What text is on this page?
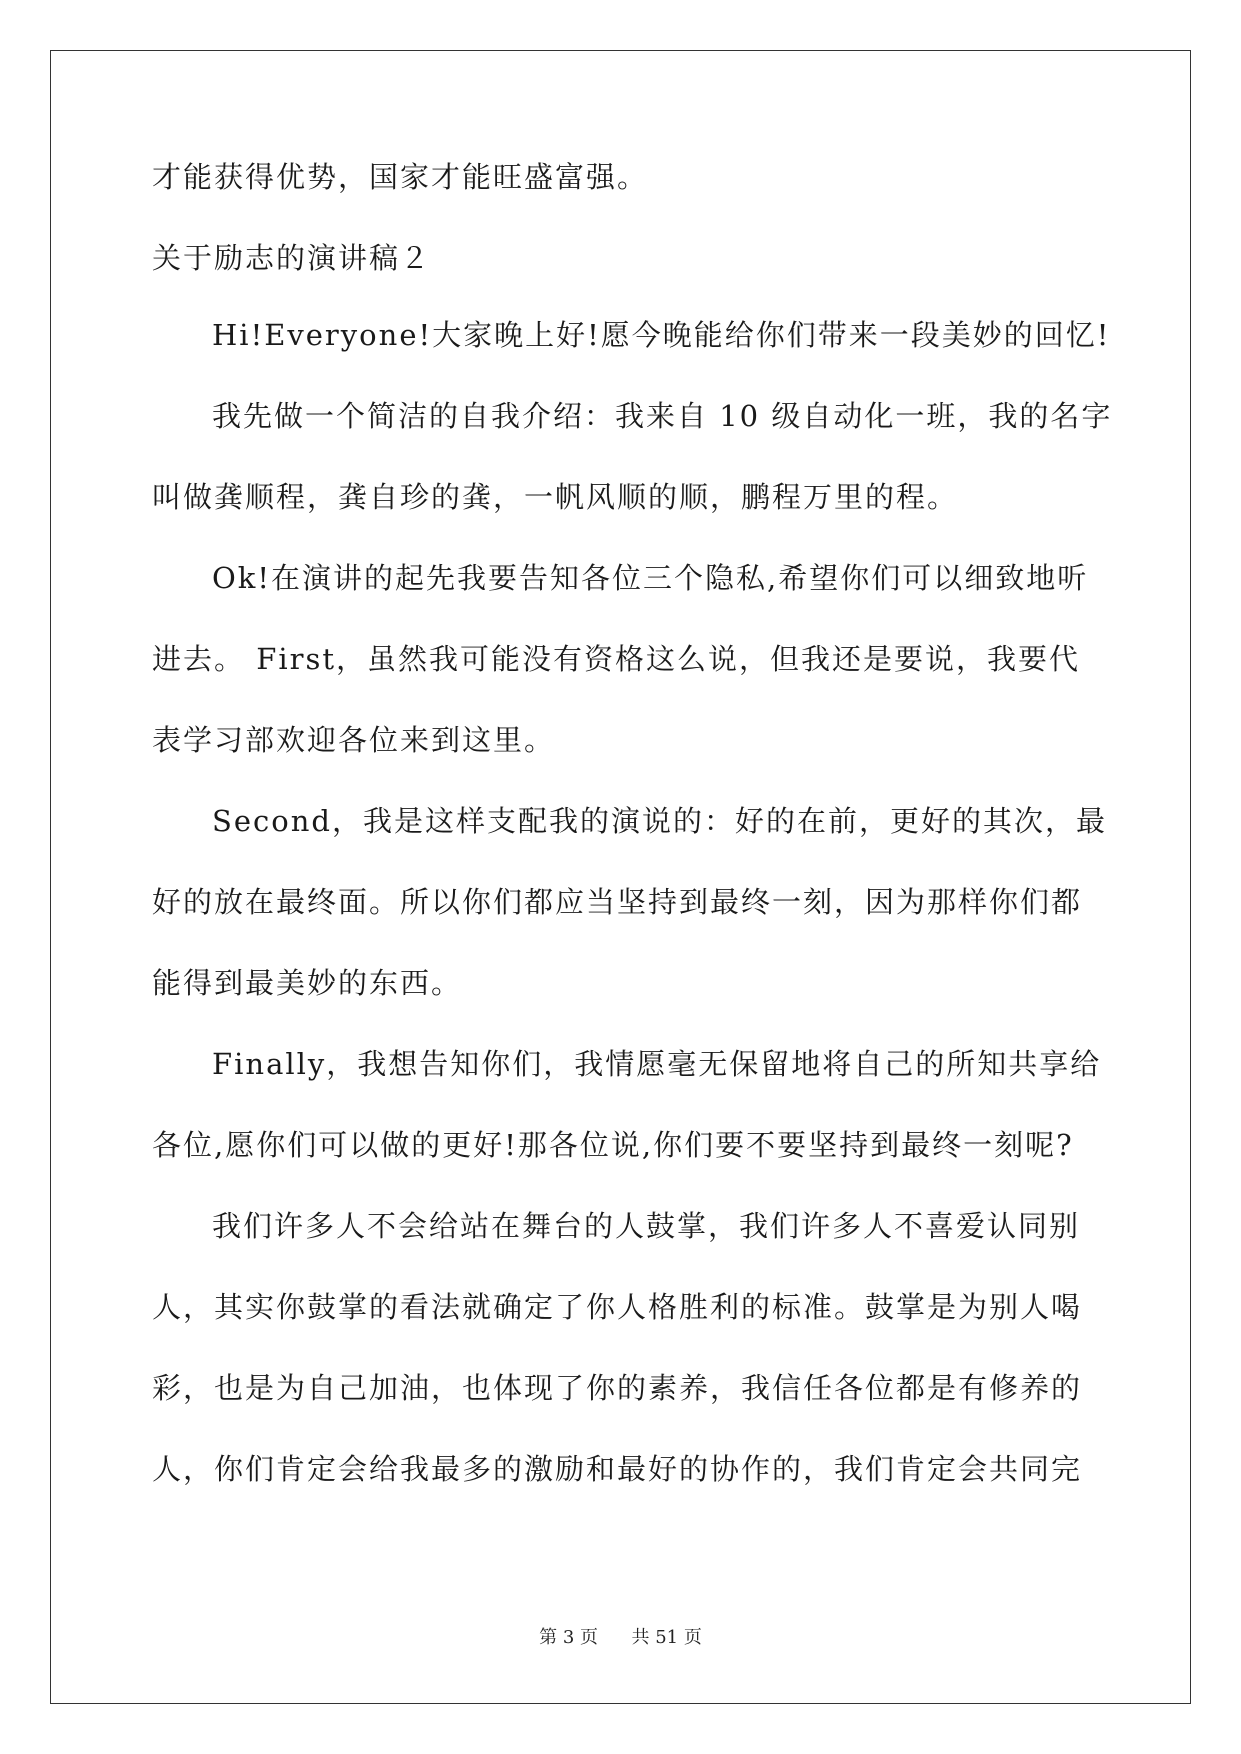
才能获得优势，国家才能旺盛富强。
关于励志的演讲稿２
Hi!Everyone!大家晚上好!愿今晚能给你们带来一段美妙的回忆!
我先做一个简洁的自我介绍：我来自 10 级自动化一班，我的名字
叫做龚顺程，龚自珍的龚，一帆风顺的顺，鹏程万里的程。
Ok!在演讲的起先我要告知各位三个隐私,希望你们可以细致地听
进去。 First，虽然我可能没有资格这么说，但我还是要说，我要代
表学习部欢迎各位来到这里。
Second，我是这样支配我的演说的：好的在前，更好的其次，最
好的放在最终面。所以你们都应当坚持到最终一刻，因为那样你们都
能得到最美妙的东西。
Finally，我想告知你们，我情愿毫无保留地将自己的所知共享给
各位,愿你们可以做的更好!那各位说,你们要不要坚持到最终一刻呢?
我们许多人不会给站在舞台的人鼓掌，我们许多人不喜爱认同别
人，其实你鼓掌的看法就确定了你人格胜利的标准。鼓掌是为别人喝
彩，也是为自己加油，也体现了你的素养，我信任各位都是有修养的
人，你们肯定会给我最多的激励和最好的协作的，我们肯定会共同完
第 3 页 共 51 页
